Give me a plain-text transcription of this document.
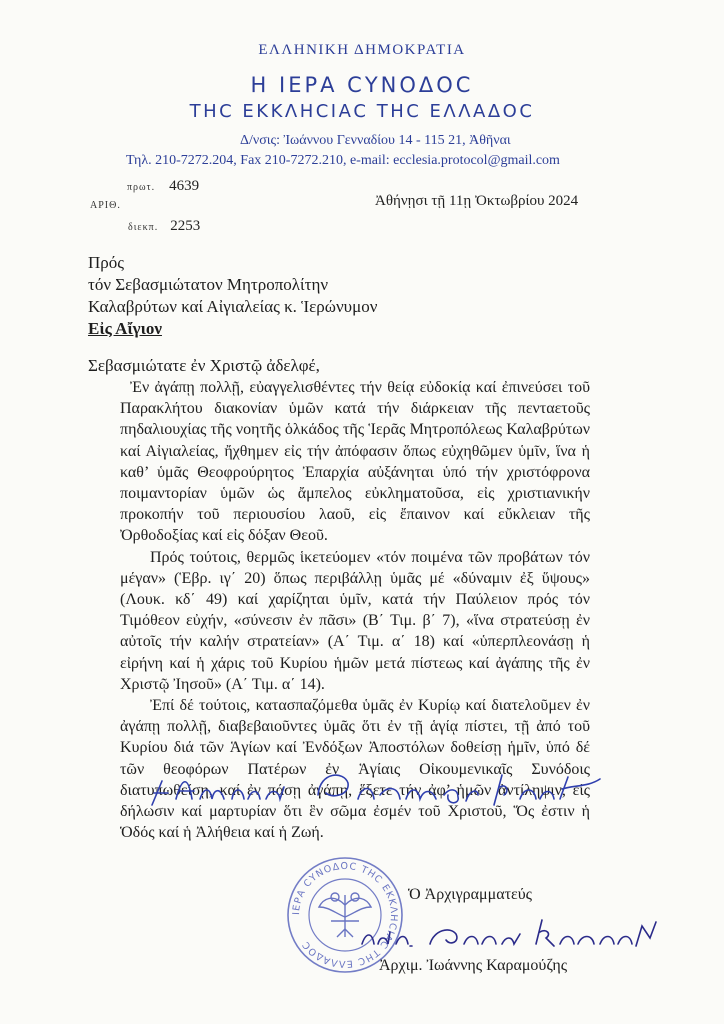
ΕΛΛΗΝΙΚΗ ΔΗΜΟΚΡΑΤΙΑ
Η ΙΕΡΑ CΥΝΟΔΟC
ΤΗC ΕΚΚΛΗCΙΑC ΤΗC ΕΛΛΑΔΟC
Δ/νσις: Ἰωάννου Γενναδίου 14 - 115 21, Ἀθῆναι
Τηλ. 210-7272.204, Fax 210-7272.210, e-mail: ecclesia.protocol@gmail.com
πρωτ. 4639
ΑΡΙΘ.	Ἀθήνῃσι τῇ 11ῃ Ὀκτωβρίου 2024
διεκπ. 2253
Πρός
τόν Σεβασμιώτατον Μητροπολίτην
Καλαβρύτων καί Αἰγιαλείας κ. Ἱερώνυμον
Εἰς Αἴγιον
Σεβασμιώτατε ἐν Χριστῷ ἀδελφέ,

Ἐν ἀγάπῃ πολλῇ, εὐαγγελισθέντες τήν θείᾳ εὐδοκίᾳ καί ἐπινεύσει τοῦ Παρακλήτου διακονίαν ὑμῶν κατά τήν διάρκειαν τῆς πενταετοῦς πηδαλιουχίας τῆς νοητῆς ὁλκάδος τῆς Ἱερᾶς Μητροπόλεως Καλαβρύτων καί Αἰγιαλείας, ἤχθημεν εἰς τήν ἀπόφασιν ὅπως εὐχηθῶμεν ὑμῖν, ἵνα ἡ καθ’ ὑμᾶς Θεοφρούρητος Ἐπαρχία αὐξάνηται ὑπό τήν χριστόφρονα ποιμαντορίαν ὑμῶν ὡς ἄμπελος εὐκληματοῦσα, εἰς χριστιανικήν προκοπήν τοῦ περιουσίου λαοῦ, εἰς ἔπαινον καί εὔκλειαν τῆς Ὀρθοδοξίας καί εἰς δόξαν Θεοῦ.

Πρός τούτοις, θερμῶς ἱκετεύομεν «τόν ποιμένα τῶν προβάτων τόν μέγαν» (Ἑβρ. ιγ΄ 20) ὅπως περιβάλλῃ ὑμᾶς μέ «δύναμιν ἐξ ὕψους» (Λουκ. κδ΄ 49) καί χαρίζηται ὑμῖν, κατά τήν Παύλειον πρός τόν Τιμόθεον εὐχήν, «σύνεσιν ἐν πᾶσι» (Β΄ Τιμ. β΄ 7), «ἵνα στρατεύσῃ ἐν αὐτοῖς τήν καλήν στρατείαν» (Α΄ Τιμ. α΄ 18) καί «ὑπερπλεονάσῃ ἡ εἰρήνη καί ἡ χάρις τοῦ Κυρίου ἡμῶν μετά πίστεως καί ἀγάπης τῆς ἐν Χριστῷ Ἰησοῦ» (Α΄ Τιμ. α΄ 14).

Ἐπί δέ τούτοις, κατασπαζόμεθα ὑμᾶς ἐν Κυρίῳ καί διατελοῦμεν ἐν ἀγάπῃ πολλῇ, διαβεβαιοῦντες ὑμᾶς ὅτι ἐν τῇ ἁγίᾳ πίστει, τῇ ἀπό τοῦ Κυρίου διά τῶν Ἁγίων καί Ἐνδόξων Ἀποστόλων δοθείσῃ ἡμῖν, ὑπό δέ τῶν θεοφόρων Πατέρων ἐν Ἁγίαις Οἰκουμενικαῖς Συνόδοις διατυπωθείσῃ, καί ἐν πάσῃ ἀγάπῃ, ἕξετε τήν ἀφ’ ἡμῶν ἀντίληψιν, εἰς δήλωσιν καί μαρτυρίαν ὅτι ἓν σῶμα ἐσμέν τοῦ Χριστοῦ, Ὅς ἐστιν ἡ Ὁδός καί ἡ Ἀλήθεια καί ἡ Ζωή.

ΙΕΡΑ CΥΝΟΔΟC ΤΗC ΕΚΚΛΗCΙΑC ΤΗC ΕΛΛΑΔΟC
Ὁ Ἀρχιγραμματεύς
Ἀρχιμ. Ἰωάννης Καραμούζης
